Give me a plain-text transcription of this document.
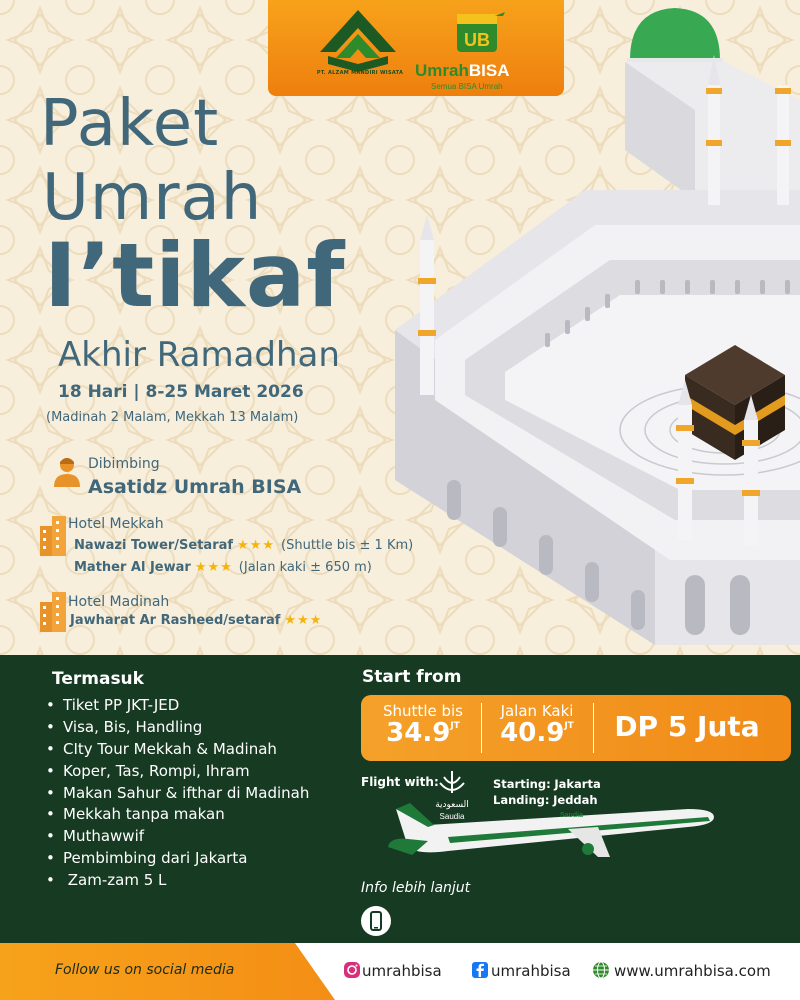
PT. ALZAM MANDIRI WISATA
UB
UmrahBISA
Semua BISA Umrah
Paket
Umrah
I’tikaf
Akhir Ramadhan
18 Hari | 8-25 Maret 2026
(Madinah 2 Malam, Mekkah 13 Malam)
Dibimbing
Asatidz Umrah BISA
Hotel Mekkah
Nawazi Tower/Setaraf ★★★ (Shuttle bis ± 1 Km)
Mather Al Jewar ★★★ (Jalan kaki ± 650 m)
Hotel Madinah
Jawharat Ar Rasheed/setaraf ★★★
Termasuk
• Tiket PP JKT-JED
• Visa, Bis, Handling
• CIty Tour Mekkah & Madinah
• Koper, Tas, Rompi, Ihram
• Makan Sahur & ifthar di Madinah
• Mekkah tanpa makan
• Muthawwif
• Pembimbing dari Jakarta
•  Zam-zam 5 L
Start from
Shuttle bis
$34.9^{JT}$
Jalan Kaki
$40.9^{JT}$	DP 5 Juta
Flight with:
السعودية
Saudia
Starting: Jakarta
Landing: Jeddah
Saudia
Info lebih lanjut
Follow us on social media	umrahbisa	umrahbisa	www.umrahbisa.com
